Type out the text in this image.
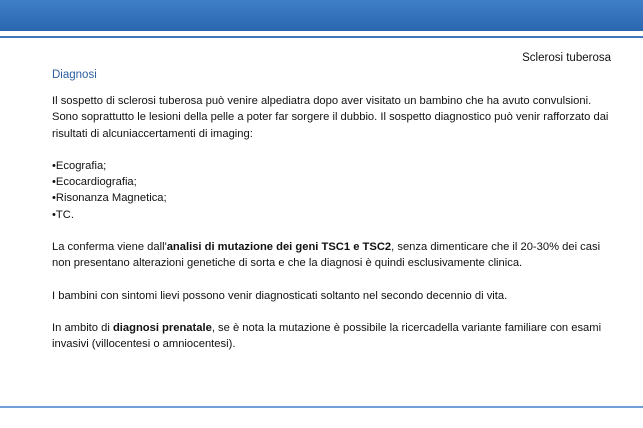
Sclerosi tuberosa
Diagnosi

Il sospetto di sclerosi tuberosa può venire alpediatra dopo aver visitato un bambino che ha avuto convulsioni. Sono soprattutto le lesioni della pelle a poter far sorgere il dubbio. Il sospetto diagnostico può venir rafforzato dai risultati di alcuniaccertamenti di imaging:

•Ecografia;
•Ecocardiografia;
•Risonanza Magnetica;
•TC.

La conferma viene dall'analisi di mutazione dei geni TSC1 e TSC2, senza dimenticare che il 20-30% dei casi non presentano alterazioni genetiche di sorta e che la diagnosi è quindi esclusivamente clinica.

I bambini con sintomi lievi possono venir diagnosticati soltanto nel secondo decennio di vita.

In ambito di diagnosi prenatale, se è nota la mutazione è possibile la ricercadella variante familiare con esami invasivi (villocentesi o amniocentesi).
